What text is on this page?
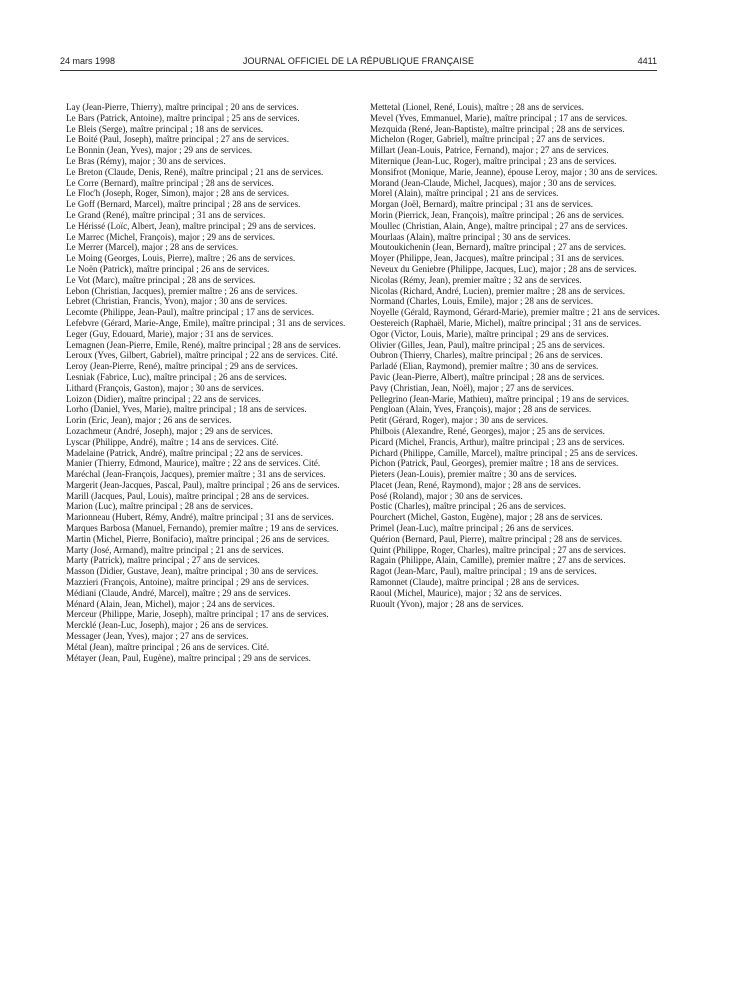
24 mars 1998	JOURNAL OFFICIEL DE LA RÉPUBLIQUE FRANÇAISE	4411

Lay (Jean-Pierre, Thierry), maître principal ; 20 ans de services.

Le Bars (Patrick, Antoine), maître principal ; 25 ans de services.

Le Bleis (Serge), maître principal ; 18 ans de services.

Le Boité (Paul, Joseph), maître principal ; 27 ans de services.

Le Bonnin (Jean, Yves), major ; 29 ans de services.

Le Bras (Rémy), major ; 30 ans de services.

Le Breton (Claude, Denis, René), maître principal ; 21 ans de services.

Le Corre (Bernard), maître principal ; 28 ans de services.

Le Floc'h (Joseph, Roger, Simon), major ; 28 ans de services.

Le Goff (Bernard, Marcel), maître principal ; 28 ans de services.

Le Grand (René), maître principal ; 31 ans de services.

Le Hérissé (Loïc, Albert, Jean), maître principal ; 29 ans de services.

Le Marrec (Michel, François), major ; 29 ans de services.

Le Merrer (Marcel), major ; 28 ans de services.

Le Moing (Georges, Louis, Pierre), maître ; 26 ans de services.

Le Noën (Patrick), maître principal ; 26 ans de services.

Le Vot (Marc), maître principal ; 28 ans de services.

Lebon (Christian, Jacques), premier maître ; 26 ans de services.

Lebret (Christian, Francis, Yvon), major ; 30 ans de services.

Lecomte (Philippe, Jean-Paul), maître principal ; 17 ans de services.

Lefebvre (Gérard, Marie-Ange, Emile), maître principal ; 31 ans de services.

Leger (Guy, Edouard, Marie), major ; 31 ans de services.

Lemagnen (Jean-Pierre, Emile, René), maître principal ; 28 ans de services.

Leroux (Yves, Gilbert, Gabriel), maître principal ; 22 ans de services. Cité.

Leroy (Jean-Pierre, René), maître principal ; 29 ans de services.

Lesniak (Fabrice, Luc), maître principal ; 26 ans de services.

Lithard (François, Gaston), major ; 30 ans de services.

Loizon (Didier), maître principal ; 22 ans de services.

Lorho (Daniel, Yves, Marie), maître principal ; 18 ans de services.

Lorin (Eric, Jean), major ; 26 ans de services.

Lozachmeur (André, Joseph), major ; 29 ans de services.

Lyscar (Philippe, André), maître ; 14 ans de services. Cité.

Madelaine (Patrick, André), maître principal ; 22 ans de services.

Manier (Thierry, Edmond, Maurice), maître ; 22 ans de services. Cité.

Maréchal (Jean-François, Jacques), premier maître ; 31 ans de services.

Margerit (Jean-Jacques, Pascal, Paul), maître principal ; 26 ans de services.

Marill (Jacques, Paul, Louis), maître principal ; 28 ans de services.

Marion (Luc), maître principal ; 28 ans de services.

Marionneau (Hubert, Rémy, André), maître principal ; 31 ans de services.

Marques Barbosa (Manuel, Fernando), premier maître ; 19 ans de services.

Martin (Michel, Pierre, Bonifacio), maître principal ; 26 ans de services.

Marty (José, Armand), maître principal ; 21 ans de services.

Marty (Patrick), maître principal ; 27 ans de services.

Masson (Didier, Gustave, Jean), maître principal ; 30 ans de services.

Mazzieri (François, Antoine), maître principal ; 29 ans de services.

Médiani (Claude, André, Marcel), maître ; 29 ans de services.

Ménard (Alain, Jean, Michel), major ; 24 ans de services.

Merceur (Philippe, Marie, Joseph), maître principal ; 17 ans de services.

Mercklé (Jean-Luc, Joseph), major ; 26 ans de services.

Messager (Jean, Yves), major ; 27 ans de services.

Métal (Jean), maître principal ; 26 ans de services. Cité.

Métayer (Jean, Paul, Eugène), maître principal ; 29 ans de services.

Mettetal (Lionel, René, Louis), maître ; 28 ans de services.

Mevel (Yves, Emmanuel, Marie), maître principal ; 17 ans de services.

Mezquida (René, Jean-Baptiste), maître principal ; 28 ans de services.

Michelon (Roger, Gabriel), maître principal ; 27 ans de services.

Millart (Jean-Louis, Patrice, Fernand), major ; 27 ans de services.

Miternique (Jean-Luc, Roger), maître principal ; 23 ans de services.

Monsifrot (Monique, Marie, Jeanne), épouse Leroy, major ; 30 ans de services.

Morand (Jean-Claude, Michel, Jacques), major ; 30 ans de services.

Morel (Alain), maître principal ; 21 ans de services.

Morgan (Joël, Bernard), maître principal ; 31 ans de services.

Morin (Pierrick, Jean, François), maître principal ; 26 ans de services.

Moullec (Christian, Alain, Ange), maître principal ; 27 ans de services.

Mourlaas (Alain), maître principal ; 30 ans de services.

Moutoukichenin (Jean, Bernard), maître principal ; 27 ans de services.

Moyer (Philippe, Jean, Jacques), maître principal ; 31 ans de services.

Neveux du Geniebre (Philippe, Jacques, Luc), major ; 28 ans de services.

Nicolas (Rémy, Jean), premier maître ; 32 ans de services.

Nicolas (Richard, André, Lucien), premier maître ; 28 ans de services.

Normand (Charles, Louis, Emile), major ; 28 ans de services.

Noyelle (Gérald, Raymond, Gérard-Marie), premier maître ; 21 ans de services.

Oestereich (Raphaël, Marie, Michel), maître principal ; 31 ans de services.

Ogor (Victor, Louis, Marie), maître principal ; 29 ans de services.

Olivier (Gilles, Jean, Paul), maître principal ; 25 ans de services.

Oubron (Thierry, Charles), maître principal ; 26 ans de services.

Parladé (Elian, Raymond), premier maître ; 30 ans de services.

Pavic (Jean-Pierre, Albert), maître principal ; 28 ans de services.

Pavy (Christian, Jean, Noël), major ; 27 ans de services.

Pellegrino (Jean-Marie, Mathieu), maître principal ; 19 ans de services.

Pengloan (Alain, Yves, François), major ; 28 ans de services.

Petit (Gérard, Roger), major ; 30 ans de services.

Philbois (Alexandre, René, Georges), major ; 25 ans de services.

Picard (Michel, Francis, Arthur), maître principal ; 23 ans de services.

Pichard (Philippe, Camille, Marcel), maître principal ; 25 ans de services.

Pichon (Patrick, Paul, Georges), premier maître ; 18 ans de services.

Pieters (Jean-Louis), premier maître ; 30 ans de services.

Placet (Jean, René, Raymond), major ; 28 ans de services.

Posé (Roland), major ; 30 ans de services.

Postic (Charles), maître principal ; 26 ans de services.

Pourchert (Michel, Gaston, Eugène), major ; 28 ans de services.

Primel (Jean-Luc), maître principal ; 26 ans de services.

Quérion (Bernard, Paul, Pierre), maître principal ; 28 ans de services.

Quint (Philippe, Roger, Charles), maître principal ; 27 ans de services.

Ragain (Philippe, Alain, Camille), premier maître ; 27 ans de services.

Ragot (Jean-Marc, Paul), maître principal ; 19 ans de services.

Ramonnet (Claude), maître principal ; 28 ans de services.

Raoul (Michel, Maurice), major ; 32 ans de services.

Ruoult (Yvon), major ; 28 ans de services.
